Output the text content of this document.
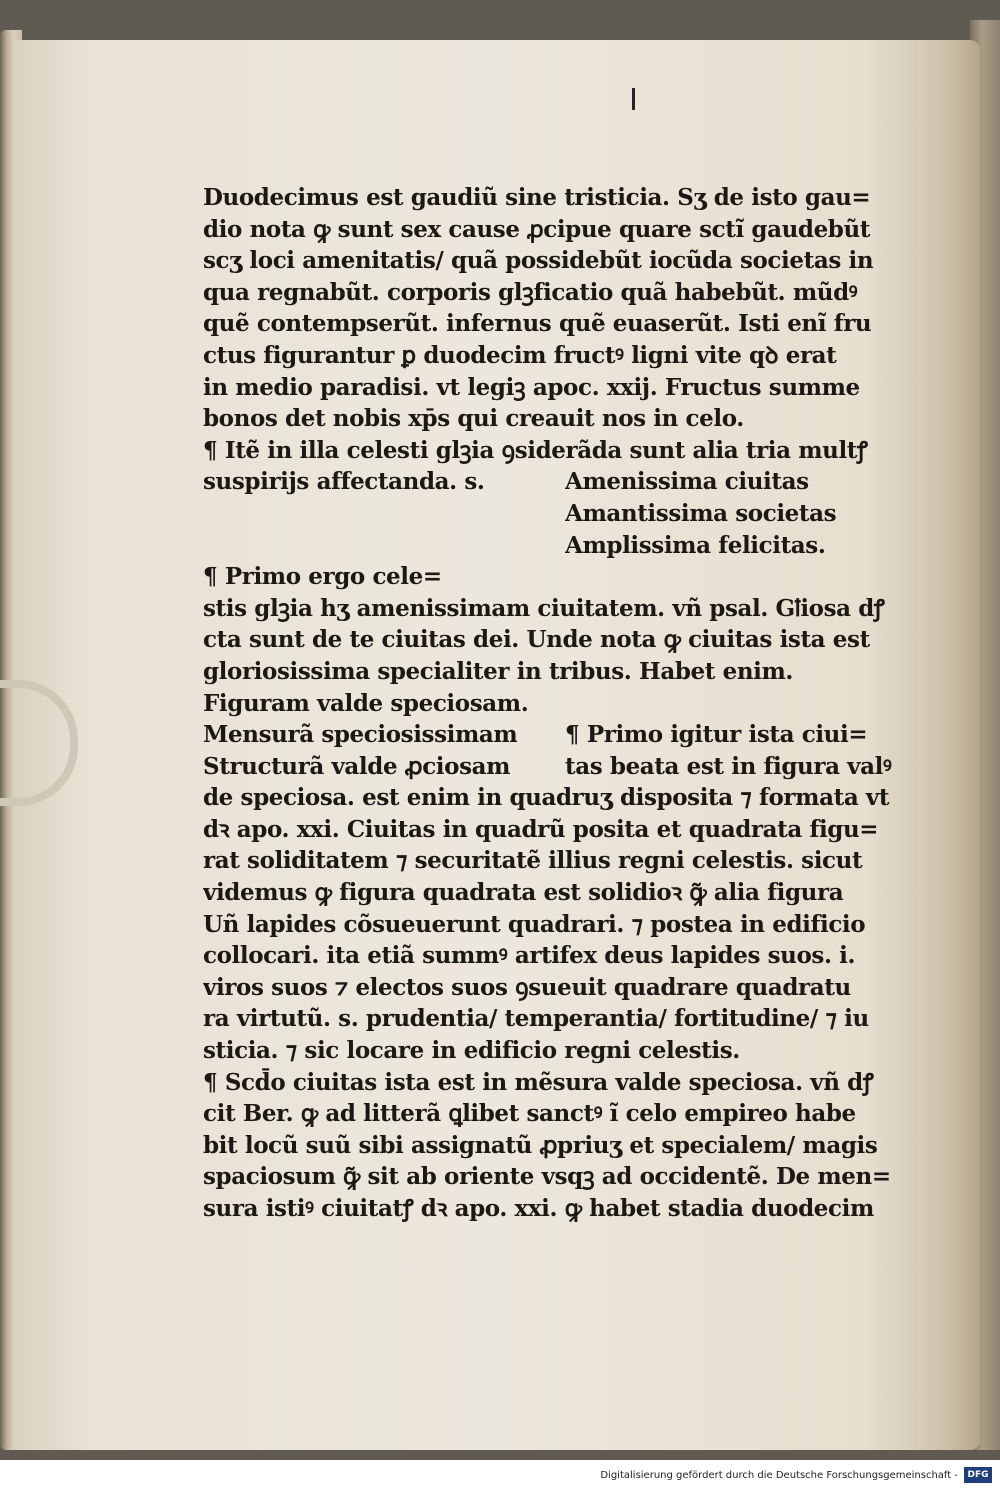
Duodecimus est gaudiũ sine tristicia. Sʒ de isto gau=
dio nota ꝙ sunt sex cause ꝓcipue quare sctĩ gaudebũt
scʒ loci amenitatis/ quã possidebũt iocũda societas in
qua regnabũt. corporis glꝫficatio quã habebũt. mũdꝰ
quẽ contempserũt. infernus quẽ euaserũt. Isti enĩ fru
ctus figurantur ꝑ duodecim fructꝰ ligni vite qꝺ erat
in medio paradisi. vt legiꝫ apoc. xxij. Fructus summe
bonos det nobis xp̄s qui creauit nos in celo.
¶ Itẽ in illa celesti glꝫia ꝯsiderãda sunt alia tria multꝭ
suspirijs affectanda. s.	Amenissima ciuitas
Amantissima societas
Amplissima felicitas.
¶ Primo ergo cele=
stis glꝫia hʒ amenissimam ciuitatem. vñ psal. Gꝉiosa dꝭ
cta sunt de te ciuitas dei. Unde nota ꝙ ciuitas ista est
gloriosissima specialiter in tribus. Habet enim.
Figuram valde speciosam.
Mensurã speciosissimam	¶ Primo igitur ista ciui=
Structurã valde ꝓciosam	tas beata est in figura valꝰ
de speciosa. est enim in quadruʒ disposita ⁊ formata vt
dꝛ apo. xxi. Ciuitas in quadrũ posita et quadrata figu=
rat soliditatem ⁊ securitatẽ illius regni celestis. sicut
videmus ꝙ figura quadrata est solidioꝛ ꝙ̃ alia figura
Uñ lapides cõsueuerunt quadrari. ⁊ postea in edificio
collocari. ita etiã summꝰ artifex deus lapides suos. i.
viros suos ⁊ electos suos ꝯsueuit quadrare quadratu
ra virtutũ. s. prudentia/ temperantia/ fortitudine/ ⁊ iu
sticia. ⁊ sic locare in edificio regni celestis.
¶ Scd̄o ciuitas ista est in mẽsura valde speciosa. vñ dꝭ
cit Ber. ꝙ ad litterã ꝗlibet sanctꝰ ĩ celo empireo habe
bit locũ suũ sibi assignatũ ꝓpriuʒ et specialem/ magis
spaciosum ꝙ̃ sit ab oriente vsqꝫ ad occidentẽ. De men=
sura istiꝰ ciuitatꝭ dꝛ apo. xxi. ꝙ habet stadia duodecim
Digitalisierung gefördert durch die Deutsche Forschungsgemeinschaft -	DFG
